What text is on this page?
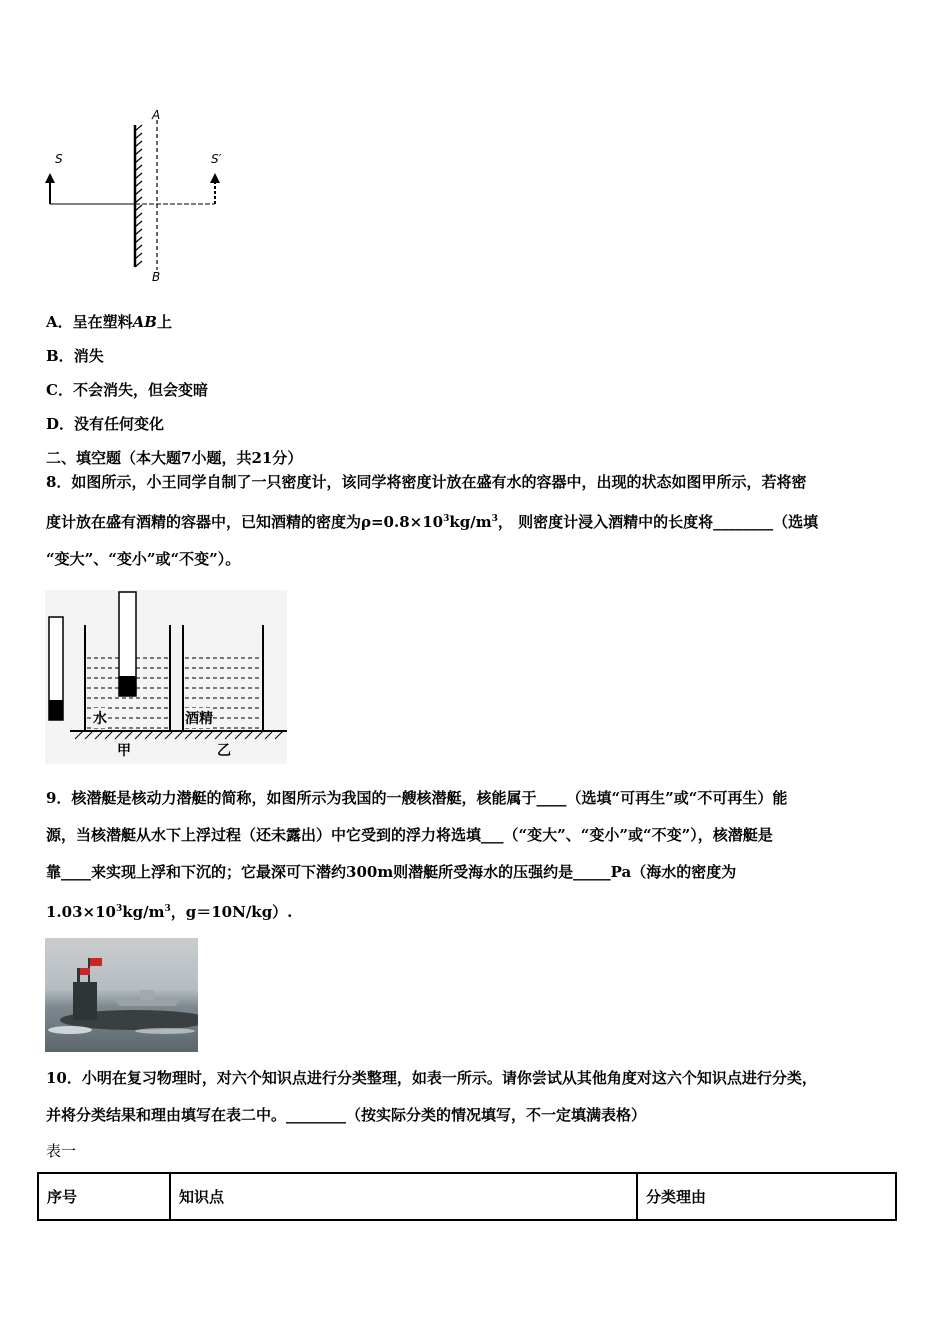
S	S′
A
B
A．呈在塑料AB上
B．消失
C．不会消失，但会变暗
D．没有任何变化
二、填空题（本大题7小题，共21分）
8．如图所示，小王同学自制了一只密度计，该同学将密度计放在盛有水的容器中，出现的状态如图甲所示，若将密
度计放在盛有酒精的容器中，已知酒精的密度为$\rho=0.8\times 10^3kg/m^3$， 则密度计浸入酒精中的长度将________（选填
“变大”、“变小”或“不变”）。
水	酒精
甲	乙
9．核潜艇是核动力潜艇的简称，如图所示为我国的一艘核潜艇，核能属于____（选填“可再生”或“不可再生）能
源，当核潜艇从水下上浮过程（还未露出）中它受到的浮力将选填___（“变大”、“变小”或“不变”），核潜艇是
靠____来实现上浮和下沉的；它最深可下潜约300m则潜艇所受海水的压强约是_____Pa（海水的密度为
$1.03\times 10^3kg/m^3$，g＝10N/kg）.
10．小明在复习物理时，对六个知识点进行分类整理，如表一所示。请你尝试从其他角度对这六个知识点进行分类，
并将分类结果和理由填写在表二中。________（按实际分类的情况填写，不一定填满表格）
表一
序号	知识点	分类理由
